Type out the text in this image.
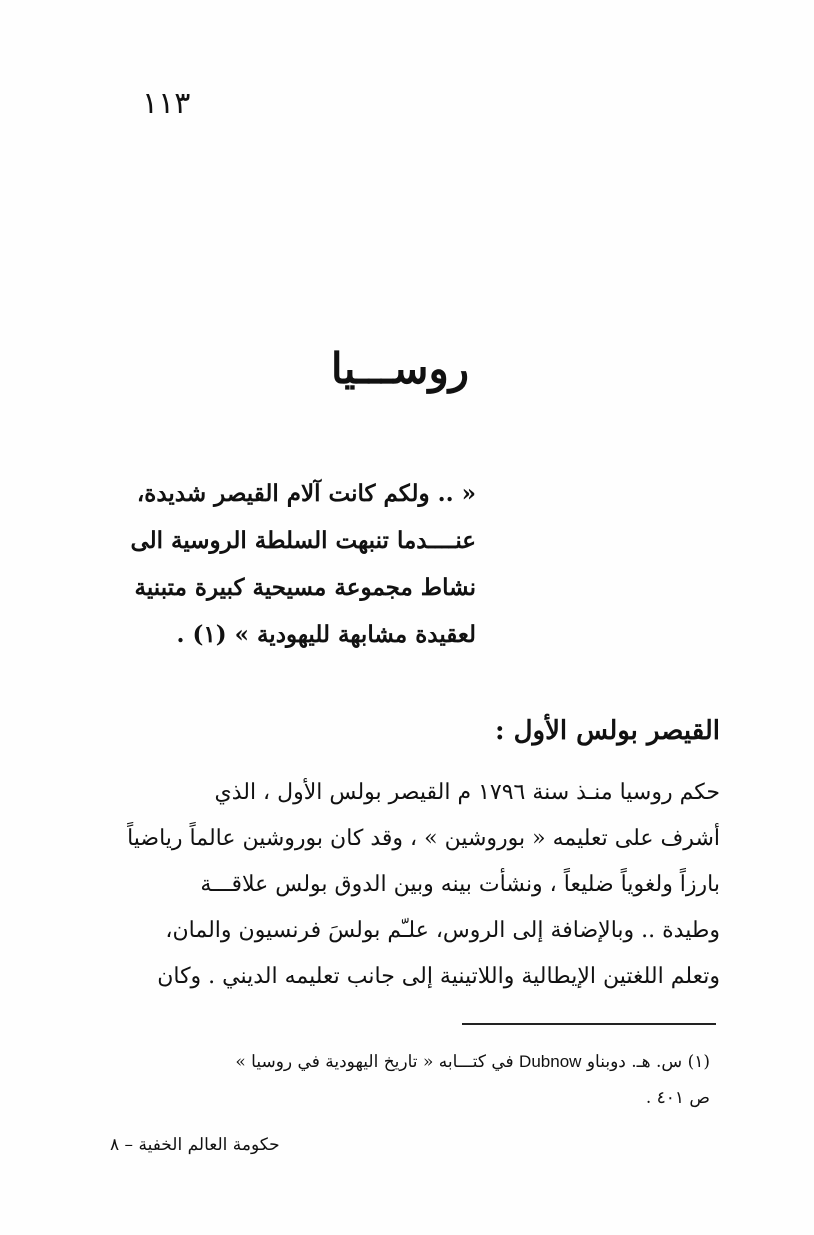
١١٣
روســـيا
« .. ولكم كانت آلام القيصر شديدة،
عنــــدما تنبهت السلطة الروسية الى
نشاط مجموعة مسيحية كبيرة متبنية
لعقيدة مشابهة لليهودية » (١) .
القيصر بولس الأول :
حكم روسيا منـذ سنة ١٧٩٦ م القيصر بولس الأول ، الذي
أشرف على تعليمه « بوروشين » ، وقد كان بوروشين عالماً رياضياً
بارزاً ولغوياً ضليعاً ، ونشأت بينه وبين الدوق بولس علاقـــة
وطيدة .. وبالإضافة إلى الروس، علـّم بولسَ فرنسيون والمان،
وتعلم اللغتين الإيطالية واللاتينية إلى جانب تعليمه الديني . وكان
(١) س. هـ. دوبناو Dubnow في كتـــابه « تاريخ اليهودية في روسيا »
ص ٤٠١ .
حكومة العالم الخفية – ٨
